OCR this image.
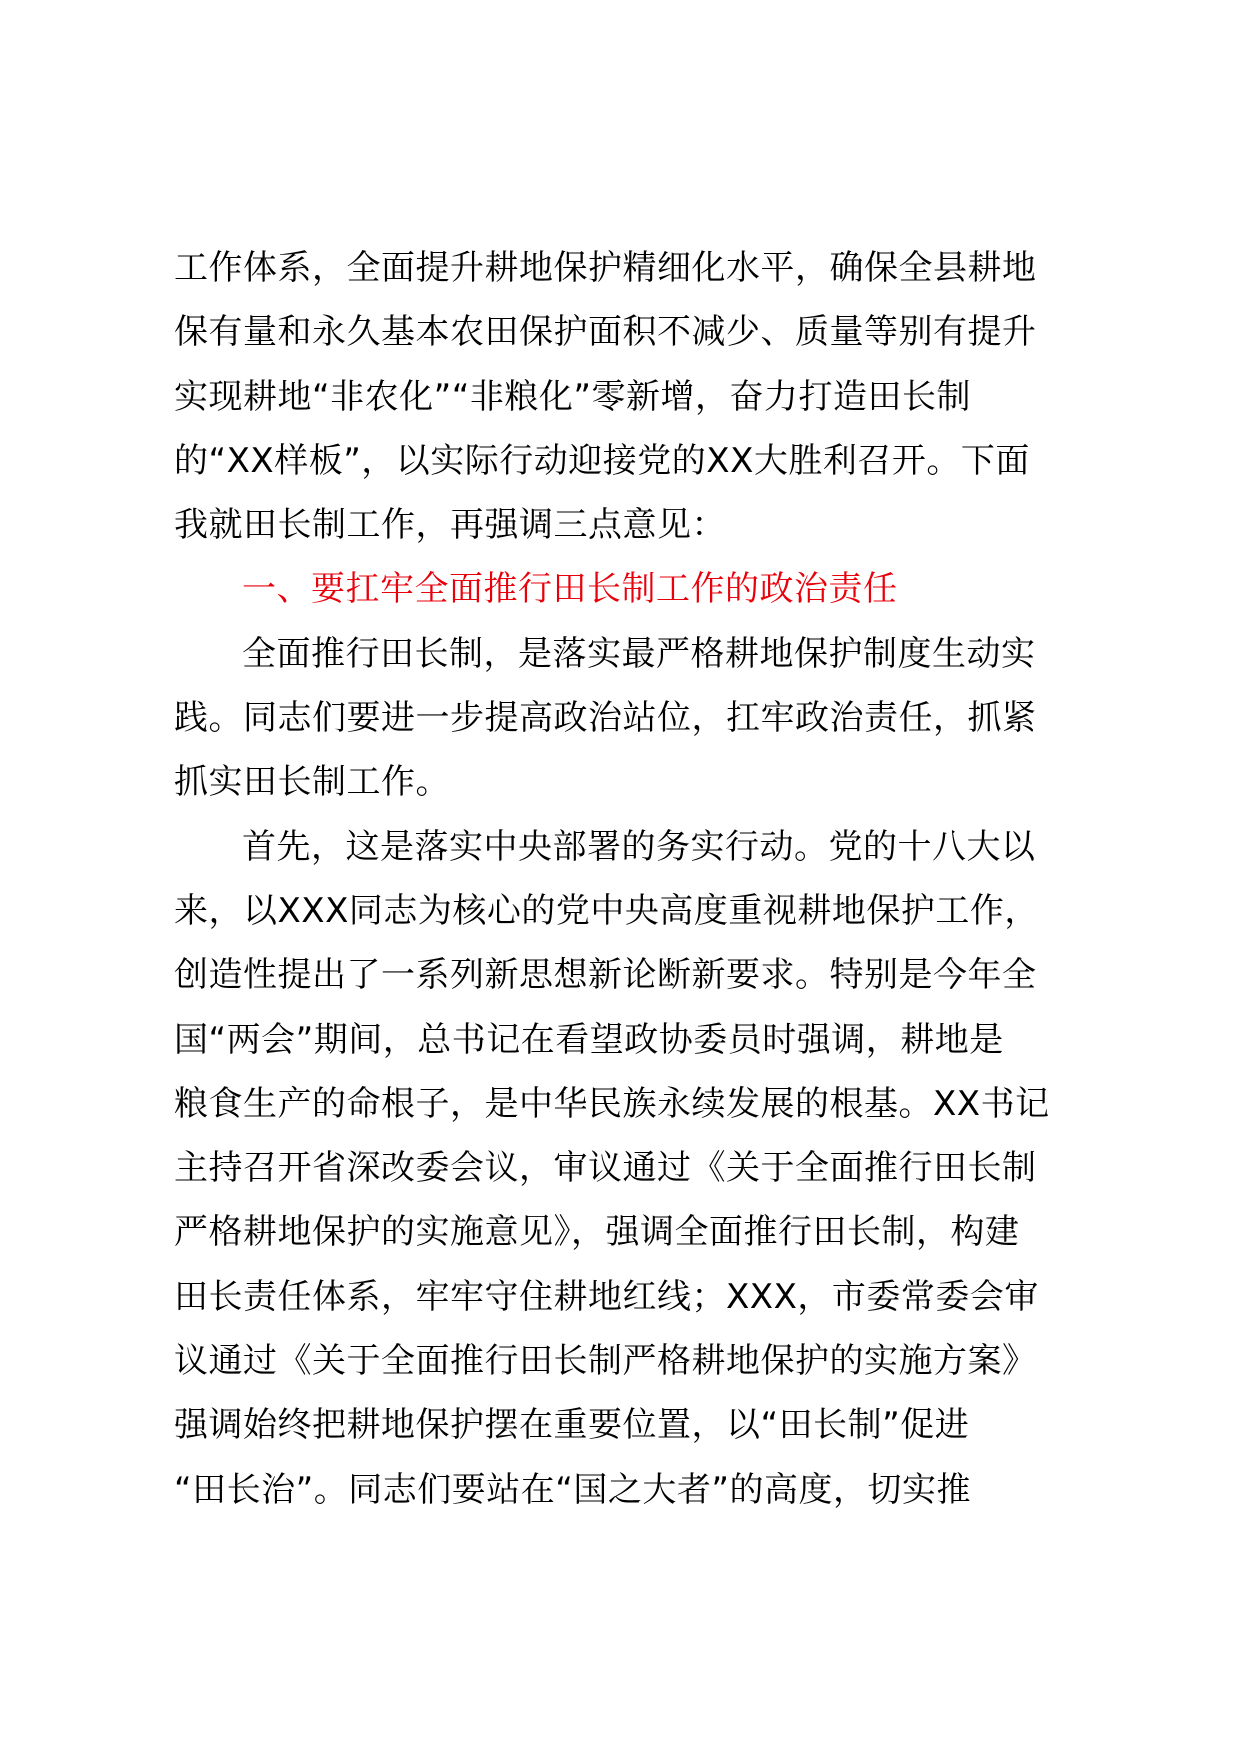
工作体系，全面提升耕地保护精细化水平，确保全县耕地
保有量和永久基本农田保护面积不减少、质量等别有提升
实现耕地“非农化”“非粮化”零新增，奋力打造田长制
的“XX样板”，以实际行动迎接党的XX大胜利召开。下面
我就田长制工作，再强调三点意见：
一、要扛牢全面推行田长制工作的政治责任
全面推行田长制，是落实最严格耕地保护制度生动实
践。同志们要进一步提高政治站位，扛牢政治责任，抓紧
抓实田长制工作。
首先，这是落实中央部署的务实行动。党的十八大以
来，以XXX同志为核心的党中央高度重视耕地保护工作，
创造性提出了一系列新思想新论断新要求。特别是今年全
国“两会”期间，总书记在看望政协委员时强调，耕地是
粮食生产的命根子，是中华民族永续发展的根基。XX书记
主持召开省深改委会议，审议通过《关于全面推行田长制
严格耕地保护的实施意见》，强调全面推行田长制，构建
田长责任体系，牢牢守住耕地红线；XXX，市委常委会审
议通过《关于全面推行田长制严格耕地保护的实施方案》
强调始终把耕地保护摆在重要位置，以“田长制”促进
“田长治”。同志们要站在“国之大者”的高度，切实推
